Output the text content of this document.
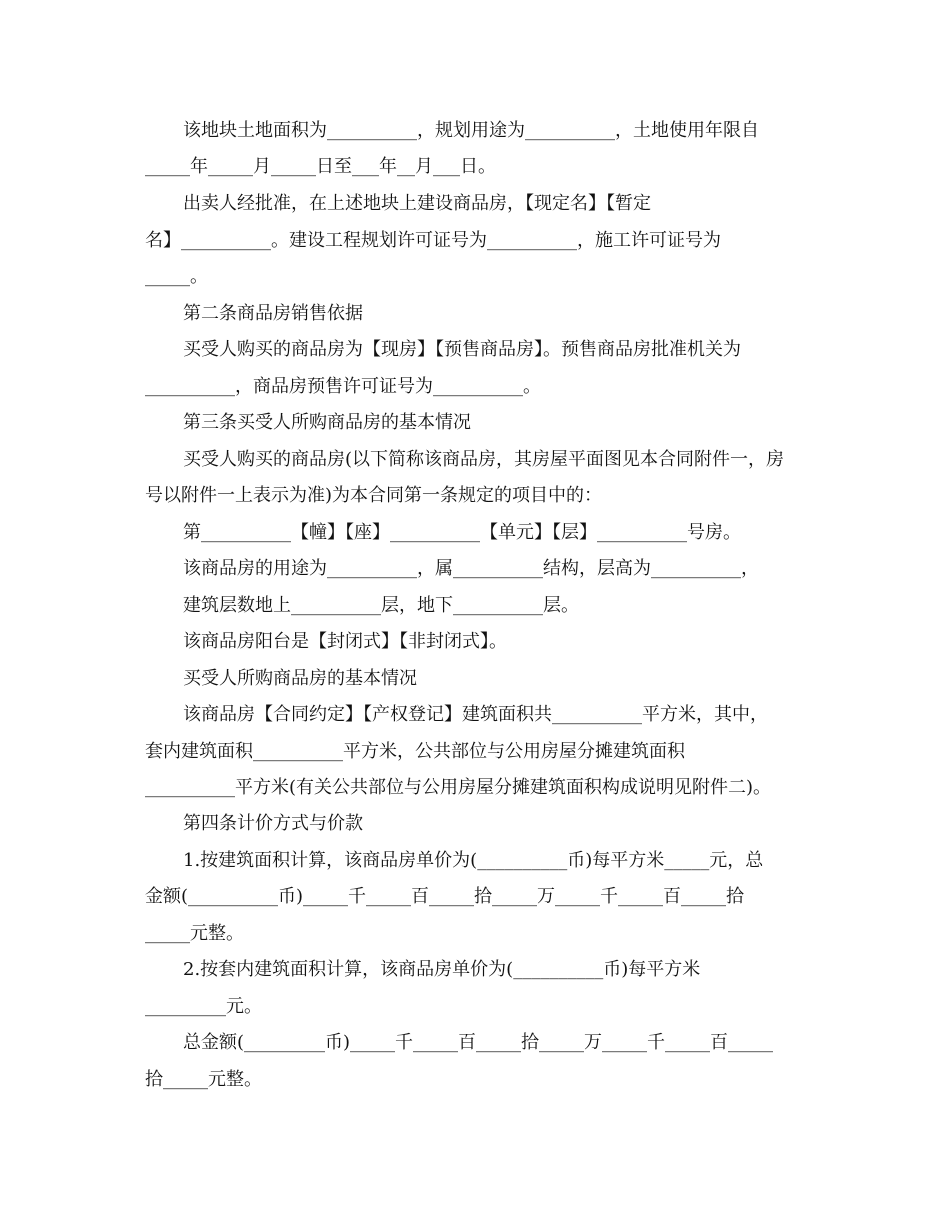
该地块土地面积为__________，规划用途为__________，土地使用年限自
_____年_____月_____日至___年__月___日。
出卖人经批准，在上述地块上建设商品房，【现定名】【暂定
名】__________。建设工程规划许可证号为__________，施工许可证号为
_____。
第二条商品房销售依据
买受人购买的商品房为【现房】【预售商品房】。预售商品房批准机关为
__________，商品房预售许可证号为__________。
第三条买受人所购商品房的基本情况
买受人购买的商品房(以下简称该商品房，其房屋平面图见本合同附件一，房
号以附件一上表示为准)为本合同第一条规定的项目中的：
第__________【幢】【座】__________【单元】【层】__________号房。
该商品房的用途为__________，属__________结构，层高为__________，
建筑层数地上__________层，地下__________层。
该商品房阳台是【封闭式】【非封闭式】。
买受人所购商品房的基本情况
该商品房【合同约定】【产权登记】建筑面积共__________平方米，其中，
套内建筑面积__________平方米，公共部位与公用房屋分摊建筑面积
__________平方米(有关公共部位与公用房屋分摊建筑面积构成说明见附件二)。
第四条计价方式与价款
1.按建筑面积计算，该商品房单价为(__________币)每平方米_____元，总
金额(__________币)_____千_____百_____拾_____万_____千_____百_____拾
_____元整。
2.按套内建筑面积计算，该商品房单价为(__________币)每平方米
_________元。
总金额(_________币)_____千_____百_____拾_____万_____千_____百_____
拾_____元整。
